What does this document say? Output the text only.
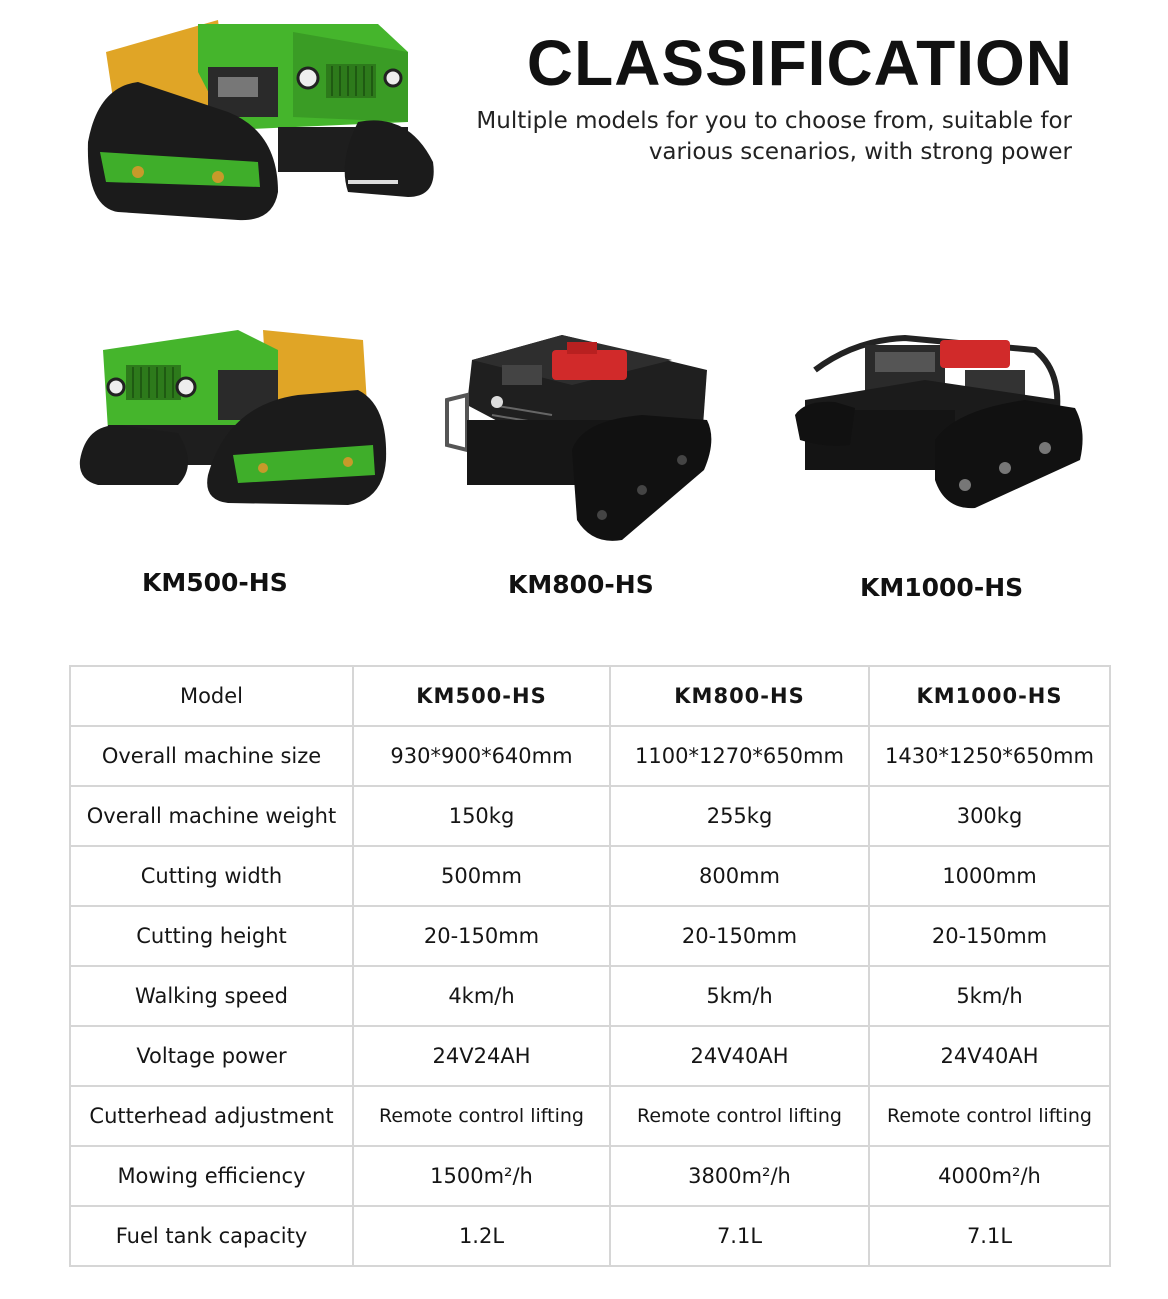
CLASSIFICATION

Multiple models for you to choose from, suitable for
various scenarios, with strong power

KM500-HS	KM800-HS	KM1000-HS
Model	KM500-HS	KM800-HS	KM1000-HS
Overall machine size	930*900*640mm	1100*1270*650mm	1430*1250*650mm
Overall machine weight	150kg	255kg	300kg
Cutting width	500mm	800mm	1000mm
Cutting height	20-150mm	20-150mm	20-150mm
Walking speed	4km/h	5km/h	5km/h
Voltage power	24V24AH	24V40AH	24V40AH
Cutterhead adjustment	Remote control lifting	Remote control lifting	Remote control lifting
Mowing efficiency	1500m²/h	3800m²/h	4000m²/h
Fuel tank capacity	1.2L	7.1L	7.1L
